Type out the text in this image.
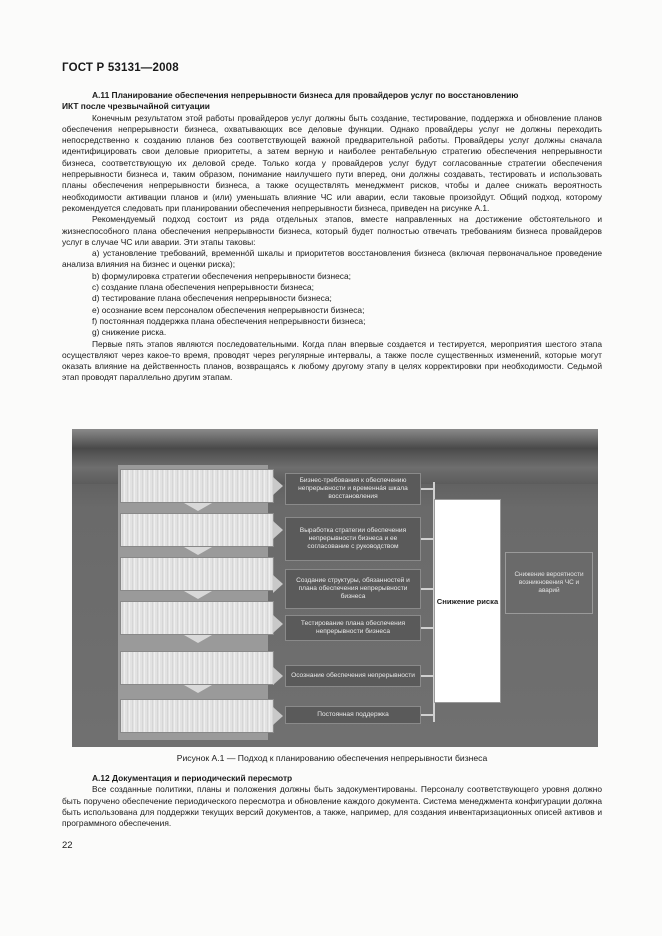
ГОСТ Р 53131—2008

А.11 Планирование обеспечения непрерывности бизнеса для провайдеров услуг по восстановлению

ИКТ после чрезвычайной ситуации

Конечным результатом этой работы провайдеров услуг должны быть создание, тестирование, поддержка и обновление планов обеспечения непрерывности бизнеса, охватывающих все деловые функции. Однако провайдеры услуг не должны переходить непосредственно к созданию планов без соответствующей важной предварительной работы. Провайдеры услуг должны сначала идентифицировать свои деловые приоритеты, а затем верную и наиболее рентабельную стратегию обеспечения непрерывности бизнеса, соответствующую их деловой среде. Только когда у провайдеров услуг будут согласованные стратегии обеспечения непрерывности бизнеса и, таким образом, понимание наилучшего пути вперед, они должны создавать, тестировать и использовать планы обеспечения непрерывности бизнеса, а также осуществлять менеджмент рисков, чтобы и далее снижать вероятность необходимости активации планов и (или) уменьшать влияние ЧС или аварии, если таковые произойдут. Общий подход, которому рекомендуется следовать при планировании обеспечения непрерывности бизнеса, приведен на рисунке А.1.

Рекомендуемый подход состоит из ряда отдельных этапов, вместе направленных на достижение обстоятельного и жизнеспособного плана обеспечения непрерывности бизнеса, который будет полностью отвечать требованиям бизнеса провайдеров услуг в случае ЧС или аварии. Эти этапы таковы:

а) установление требований, временнóй шкалы и приоритетов восстановления бизнеса (включая первоначальное проведение анализа влияния на бизнес и оценки риска);

b) формулировка стратегии обеспечения непрерывности бизнеса;

c) создание плана обеспечения непрерывности бизнеса;

d) тестирование плана обеспечения непрерывности бизнеса;

e) осознание всем персоналом обеспечения непрерывности бизнеса;

f) постоянная поддержка плана обеспечения непрерывности бизнеса;

g) снижение риска.

Первые пять этапов являются последовательными. Когда план впервые создается и тестируется, мероприятия шестого этапа осуществляют через какое-то время, проводят через регулярные интервалы, а также после существенных изменений, которые могут оказать влияние на действенность планов, возвращаясь к любому другому этапу в целях корректировки при необходимости. Седьмой этап проводят параллельно другим этапам.

Бизнес-требования к обеспечению непрерывности и временнáя шкала восстановления
Выработка стратегии обеспечения непрерывности бизнеса и ее согласование с руководством
Создание структуры, обязанностей и плана обеспечения непрерывности бизнеса
Тестирование плана обеспечения непрерывности бизнеса
Осознание обеспечения непрерывности
Постоянная поддержка
Снижение риска
Снижение вероятности возникновения ЧС и аварий
Рисунок А.1 — Подход к планированию обеспечения непрерывности бизнеса

А.12 Документация и периодический пересмотр

Все созданные политики, планы и положения должны быть задокументированы. Персоналу соответствующего уровня должно быть поручено обеспечение периодического пересмотра и обновление каждого документа. Система менеджмента конфигурации должна быть использована для поддержки текущих версий документов, а также, например, для создания инвентаризационных описей активов и программного обеспечения.

22
